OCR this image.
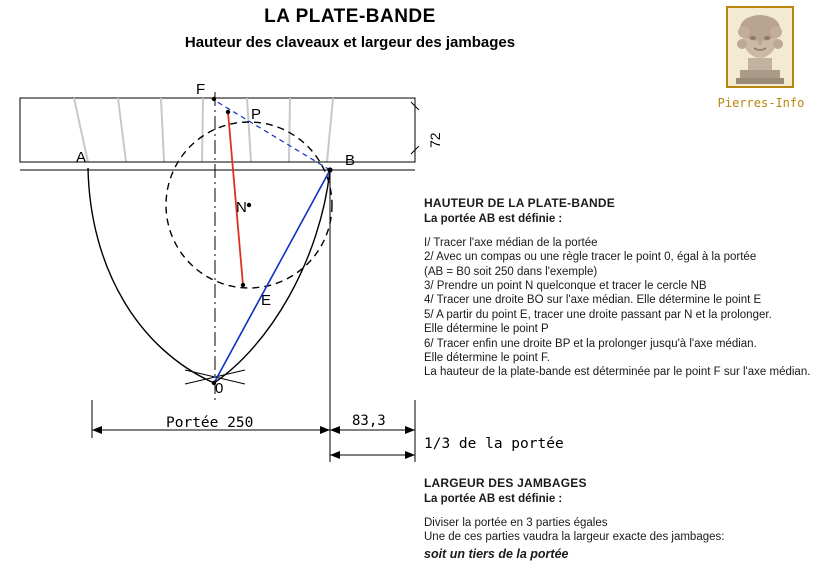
LA PLATE-BANDE
Hauteur des claveaux et largeur des jambages
Pierres-Info
F
P
A	B
N
E
0
72
Portée 250	83,3
1/3 de la portée
HAUTEUR DE LA PLATE-BANDE
La portée AB est définie :
I/ Tracer l'axe médian de la portée
2/ Avec un compas ou une règle tracer le point 0, égal à la portée
(AB = B0 soit 250 dans l'exemple)
3/ Prendre un point N quelconque et tracer le cercle NB
4/ Tracer une droite BO sur l'axe médian. Elle détermine le point E
5/ A partir du point E, tracer une droite passant par N et la prolonger.
Elle détermine le point P
6/ Tracer enfin une droite BP et la prolonger jusqu'à l'axe médian.
Elle détermine le point F.
La hauteur de la plate-bande est déterminée par le point F sur l'axe médian.
LARGEUR DES JAMBAGES
La portée AB est définie :
Diviser la portée en 3 parties égales
Une de ces parties vaudra la largeur exacte des jambages:
soit un tiers de la portée
